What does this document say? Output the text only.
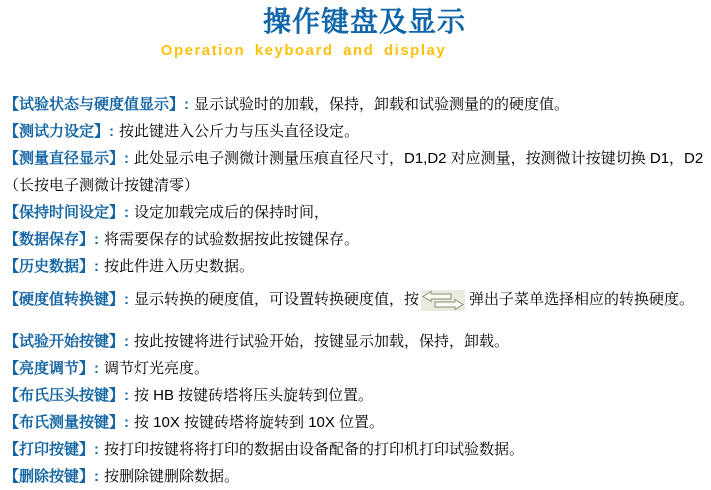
操作键盘及显示
Operation keyboard and display
【试验状态与硬度值显示】: 显示试验时的加载，保持，卸载和试验测量的的硬度值。
【测试力设定】: 按此键进入公斤力与压头直径设定。
【测量直径显示】: 此处显示电子测微计测量压痕直径尺寸，D1,D2 对应测量，按测微计按键切换 D1，D2
（长按电子测微计按键清零）
【保持时间设定】: 设定加载完成后的保持时间，
【数据保存】: 将需要保存的试验数据按此按键保存。
【历史数据】: 按此件进入历史数据。
【硬度值转换键】: 显示转换的硬度值，可设置转换硬度值，按	弹出子菜单选择相应的转换硬度。
【试验开始按键】: 按此按键将进行试验开始，按键显示加载，保持，卸载。
【亮度调节】: 调节灯光亮度。
【布氏压头按键】: 按 HB 按键砖塔将压头旋转到位置。
【布氏测量按键】: 按 10X 按键砖塔将旋转到 10X 位置。
【打印按键】: 按打印按键将将打印的数据由设备配备的打印机打印试验数据。
【删除按键】: 按删除键删除数据。
